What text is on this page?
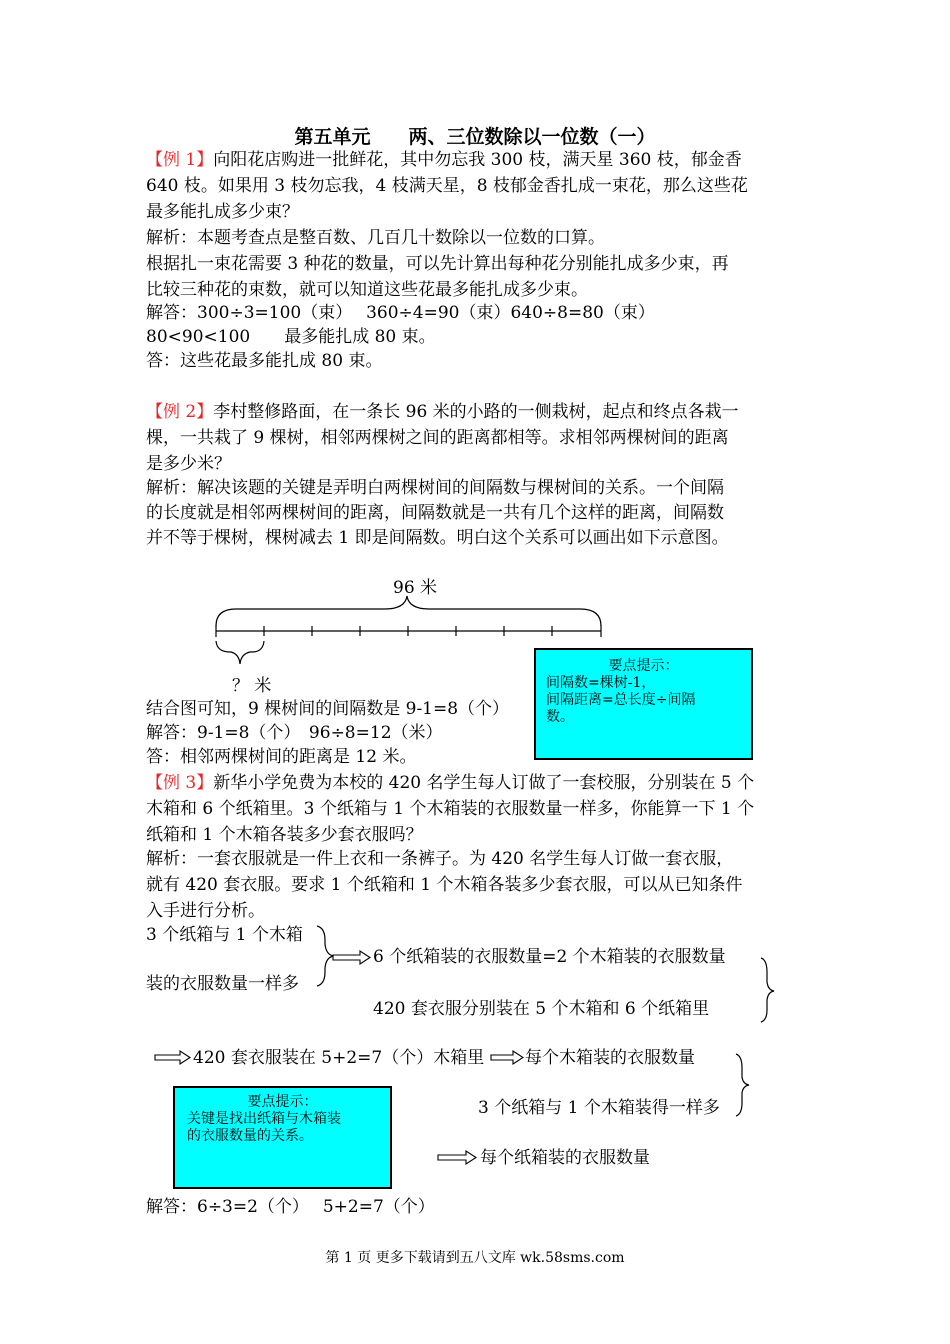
第五单元　　两、三位数除以一位数（一）
【例 1】向阳花店购进一批鲜花，其中勿忘我 300 枝，满天星 360 枝，郁金香
640 枝。如果用 3 枝勿忘我，4 枝满天星，8 枝郁金香扎成一束花，那么这些花
最多能扎成多少束？
解析：本题考查点是整百数、几百几十数除以一位数的口算。
根据扎一束花需要 3 种花的数量，可以先计算出每种花分别能扎成多少束，再
比较三种花的束数，就可以知道这些花最多能扎成多少束。
解答：300÷3=100（束）　 360÷4=90（束）640÷8=80（束）
80<90<100　　最多能扎成 80 束。
答：这些花最多能扎成 80 束。
【例 2】李村整修路面，在一条长 96 米的小路的一侧栽树，起点和终点各栽一
棵，一共栽了 9 棵树，相邻两棵树之间的距离都相等。求相邻两棵树间的距离
是多少米？
解析：解决该题的关键是弄明白两棵树间的间隔数与棵树间的关系。一个间隔
的长度就是相邻两棵树间的距离，间隔数就是一共有几个这样的距离，间隔数
并不等于棵树，棵树减去 1 即是间隔数。明白这个关系可以画出如下示意图。
96 米
？ 米
结合图可知，9 棵树间的间隔数是 9-1=8（个）
解答：9-1=8（个）　96÷8=12（米）
答：相邻两棵树间的距离是 12 米。
要点提示：
间隔数=棵树-1，
间隔距离=总长度÷间隔
数。
【例 3】新华小学免费为本校的 420 名学生每人订做了一套校服，分别装在 5 个
木箱和 6 个纸箱里。3 个纸箱与 1 个木箱装的衣服数量一样多，你能算一下 1 个
纸箱和 1 个木箱各装多少套衣服吗？
解析：一套衣服就是一件上衣和一条裤子。为 420 名学生每人订做一套衣服，
就有 420 套衣服。要求 1 个纸箱和 1 个木箱各装多少套衣服，可以从已知条件
入手进行分析。
3 个纸箱与 1 个木箱
装的衣服数量一样多
6 个纸箱装的衣服数量=2 个木箱装的衣服数量
420 套衣服分别装在 5 个木箱和 6 个纸箱里
420 套衣服装在 5+2=7（个）木箱里 每个木箱装的衣服数量
3 个纸箱与 1 个木箱装得一样多
每个纸箱装的衣服数量
要点提示：
关键是找出纸箱与木箱装
的衣服数量的关系。
解答：6÷3=2（个）　 5+2=7（个）
第 1 页 更多下载请到五八文库 wk.58sms.com
